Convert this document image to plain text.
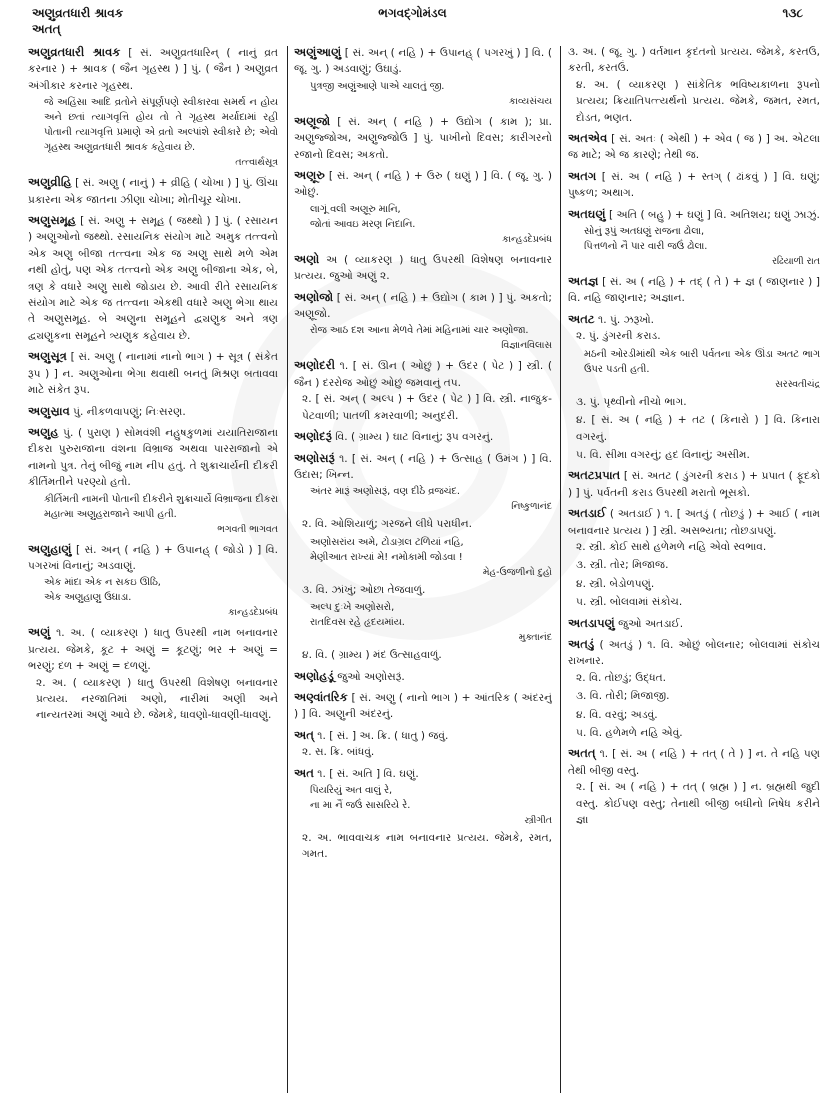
અણુવ્રતધારી શ્રાવક
અતત્
ભગવદ્ગોમંડલ	૧૩૮
અણુવ્રતધારી શ્રાવક [ સં. અણુવ્રતધારિન્ ( નાનું વ્રત કરનાર ) + શ્રાવક ( જૈન ગૃહસ્થ ) ] પું. ( જૈન ) અણુવ્રત અંગીકાર કરનાર ગૃહસ્થ.
જે અહિંસા આદિ વ્રતોને સંપૂર્ણપણે સ્વીકારવા સમર્થ ન હોય અને છતાં ત્યાગવૃત્તિ હોય તો તે ગૃહસ્થ મર્યાદામાં રહી પોતાની ત્યાગવૃત્તિ પ્રમાણે એ વ્રતો અલ્પાંશે સ્વીકારે છે; એવો ગૃહસ્થ અણુવ્રતધારી શ્રાવક કહેવાય છે.
તત્ત્વાર્થસૂત્ર
અણુવ્રીહિ [ સં. અણુ ( નાનું ) + વ્રીહિ ( ચોખા ) ] પું. ઊંચા પ્રકારના એક જાતના ઝીણા ચોખા; મોતીચૂર ચોખા.
અણુસમૂહ [ સં. અણુ + સમૂહ ( જથ્થો ) ] પું. ( રસાયન ) અણુઓનો જથ્થો. રસાયનિક સંયોગ માટે અમુક તત્ત્વનો એક અણુ બીજા તત્ત્વના એક જ અણુ સાથે મળે એમ નથી હોતું, પણ એક તત્ત્વનો એક અણુ બીજાના એક, બે, ત્રણ કે વધારે અણુ સાથે જોડાય છે. આવી રીતે રસાયનિક સંયોગ માટે એક જ તત્ત્વના એકથી વધારે અણુ ભેગા થાય તે અણુસમૂહ. બે અણુના સમૂહને દ્વ્યણુક અને ત્રણ દ્વ્યણુકના સમૂહને ત્ર્યણુક કહેવાય છે.
અણુસૂત્ર [ સં. અણુ ( નાનામાં નાનો ભાગ ) + સૂત્ર ( સંકેત રૂપ ) ] ન. અણુઓના ભેગા થવાથી બનતું મિશ્રણ બતાવવા માટે સંકેત રૂપ.
અણુસ્રાવ પું. નીકળવાપણું; નિઃસરણ.
અણુહ પું. ( પુરાણ ) સોમવંશી નહુષકુળમાં યયાતિરાજાના દીકરા પુરુરાજાના વંશના વિભ્રાજ અથવા પારરાજાનો એ નામનો પુત્ર. તેનું બીજું નામ નીપ હતું. તે શુક્રાચાર્યની દીકરી કીર્તિમતીને પરણ્યો હતો.
કીર્તિમતી નામની પોતાની દીકરીને શુક્રાચાર્યે વિભ્રાજના દીકરા મહાત્મા અણુહરાજાને આપી હતી.
ભગવતી ભાગવત
અણુહાણું [ સં. અન્ ( નહિ ) + ઉપાનહ્ ( જોડો ) ] વિ. પગરખાં વિનાનું; અડવાણું.
એક માંદા એક ન સકઇ ઊઠિ,
એક અણુહાણુ ઉઘાડા.
કાન્હડદેપ્રબંધ
અણું ૧. અ. ( વ્યાકરણ ) ધાતુ ઉપરથી નામ બનાવનાર પ્રત્યય. જેમકે, કૂટ + અણું = કૂટણું; ભર + અણું = ભરણું; દળ + અણું = દળણું.
૨. અ. ( વ્યાકરણ ) ધાતુ ઉપરથી વિશેષણ બનાવનાર પ્રત્યય. નરજાતિમાં અણો, નારીમાં અણી અને નાન્યતરમાં અણું આવે છે. જેમકે, ધાવણો-ધાવણી-ધાવણું.
અણુંઆણું [ સં. અન્ ( નહિ ) + ઉપાનહ્ ( પગરખું ) ] વિ. ( જૂ. ગુ. ) અડવાણું; ઉઘાડું.
પુત્રજી અણુંઆણે પાએ ચાલતું જી.
કાવ્યસંચય
અણૂજો [ સં. અન્ ( નહિ ) + ઉદ્યોગ ( કામ ); પ્રા. અણુજ્જોઅ, અણુજ્જોઉ ] પું. પાખીનો દિવસ; કારીગરનો રજાનો દિવસ; અકતો.
અણૂરુ [ સં. અન્ ( નહિ ) + ઉરુ ( ઘણું ) ] વિ. ( જૂ. ગુ. ) ઓછું.
લાગૂં વલી અણૂરુ માનિ,
જોતાં આવઇ મરણ નિદાનિ.
કાન્હડદેપ્રબંધ
અણો અ ( વ્યાકરણ ) ધાતુ ઉપરથી વિશેષણ બનાવનાર પ્રત્યય. જુઓ અણું ૨.
અણોજો [ સં. અન્ ( નહિ ) + ઉદ્યોગ ( કામ ) ] પું. અકતો; અણૂજો.
રોજ આઠ દશ આના મેળવે તેમાં મહિનામાં ચાર અણોજા.
વિજ્ઞાનવિલાસ
અણોદરી ૧. [ સં. ઊન ( ઓછું ) + ઉદર ( પેટ ) ] સ્ત્રી. ( જૈન ) દરરોજ ઓછું ઓછું જમવાનું તપ.
૨. [ સં. અન્ ( અલ્પ ) + ઉદર ( પેટ ) ] વિ. સ્ત્રી. નાજુક-પેટવાળી; પાતળી કમરવાળી; અનુદરી.
અણોદરૂં વિ. ( ગ્રામ્ય ) ઘાટ વિનાનું; રૂપ વગરનું.
અણોસરૂં ૧. [ સં. અન્ ( નહિ ) + ઉત્સાહ ( ઉમંગ ) ] વિ. ઉદાસ; ખિન્ન.
અંતર મારૂં અણોસરૂં, વણ દીઠે વ્રજચંદ.
નિષ્કુળાનંદ
૨. વિ. ઓશિયાળું; ગરજને લીધે પરાધીન.
અણોસરાંય અમે, ટોડાગ્રલ ટળિયાં નહિ,
મેણીઆત રાખ્યાં મે! નમોકામી જોડવા !
મેહ-ઉજળીનો દુહો
૩. વિ. ઝાંખું; ઓછા તેજવાળું.
અલ્પ દુઃખે અણોસરો,
રાતદિવસ રહે હૃદયમાંય.
મુક્તાનંદ
૪. વિ. ( ગ્રામ્ય ) મંદ ઉત્સાહવાળું.
અણોહડૂં જુઓ અણોસરૂં.
અણ્વાંતરિક [ સં. અણુ ( નાનો ભાગ ) + આંતરિક ( અંદરનું ) ] વિ. અણુની અંદરનું.
અત્ ૧. [ સં. ] અ. ક્રિ. ( ધાતુ ) જવું.
૨. સ. ક્રિ. બાંધવું.
અત ૧. [ સં. અતિ ] વિ. ઘણું.
પિયરિયું અત વાલું રે,
ના મા નૈં જઉં સાસરિયે રે.
સ્ત્રીગીત
૨. અ. ભાવવાચક નામ બનાવનાર પ્રત્યય. જેમકે, રમત, ગમત.
૩. અ. ( જૂ. ગુ. ) વર્તમાન કૃદંતનો પ્રત્યય. જેમકે, કરતઉ, કરતી, કરતઉં.
૪. અ. ( વ્યાકરણ ) સાંકેતિક ભવિષ્યકાળના રૂપનો પ્રત્યય; ક્રિયાતિપત્ત્યર્થનો પ્રત્યય. જેમકે, જમત, રમત, દોડત, ભણત.
અતએવ [ સં. અતઃ ( એથી ) + એવ ( જ ) ] અ. એટલા જ માટે; એ જ કારણે; તેથી જ.
અતગ [ સં. અ ( નહિ ) + સ્તગ્ ( ઢાંકવું ) ] વિ. ઘણું; પુષ્કળ; અથાગ.
અતઘણું [ અતિ ( બહુ ) + ઘણું ] વિ. અતિશય; ઘણું ઝાઝું.
સોનું રૂપું અતઘણું રાજના ઢોલા,
પિત્તળનો નૈ પાર વારી જઉં ઢોલા.
રઢિયાળી રાત
અતજ્ઞ [ સં. અ ( નહિ ) + તદ્ ( તે ) + જ્ઞ ( જાણનાર ) ] વિ. નહિ જાણનાર; અજ્ઞાન.
અતટ ૧. પું. ઝરૂખો.
૨. પું. ડુંગરની કરાડ.
મઠની ઓરડીમાંથી એક બારી પર્વતના એક ઊંડા અતટ ભાગ ઉપર પડતી હતી.
સરસ્વતીચંદ્ર
૩. પું. પૃથ્વીનો નીચો ભાગ.
૪. [ સં. અ ( નહિ ) + તટ ( કિનારો ) ] વિ. કિનારા વગરનું.
૫. વિ. સીમા વગરનું; હદ વિનાનું; અસીમ.
અતટપ્રપાત [ સં. અતટ ( ડુંગરની કરાડ ) + પ્રપાત ( ફૂદકો ) ] પું. પર્વતની કરાડ ઉપરથી મરાતો ભૂસકો.
અતડાઈ ( અતડાઈ ) ૧. [ અતડું ( તોછડું ) + આઈ ( નામ બનાવનાર પ્રત્યય ) ] સ્ત્રી. અસભ્યતા; તોછડાપણું.
૨. સ્ત્રી. કોઈ સાથે હળેમળે નહિ એવો સ્વભાવ.
૩. સ્ત્રી. તોર; મિજાજ.
૪. સ્ત્રી. બેડોળપણું.
૫. સ્ત્રી. બોલવામાં સંકોચ.
અતડાપણું જુઓ અતડાઈ.
અતડું ( અતડું ) ૧. વિ. ઓછું બોલનાર; બોલવામાં સંકોચ રાખનાર.
૨. વિ. તોછડું; ઉદ્ધત.
૩. વિ. તોરી; મિજાજી.
૪. વિ. વરવું; અડવું.
૫. વિ. હળેમળે નહિ એવું.
અતત્ ૧. [ સં. અ ( નહિ ) + તત્ ( તે ) ] ન. તે નહિ પણ તેથી બીજી વસ્તુ.
૨. [ સં. અ ( નહિ ) + તત્ ( બ્રહ્મ ) ] ન. બ્રહ્મથી જુદી વસ્તુ. કોઈપણ વસ્તુ; તેનાથી બીજી બધીનો નિષેધ કરીને જ્ઞા
